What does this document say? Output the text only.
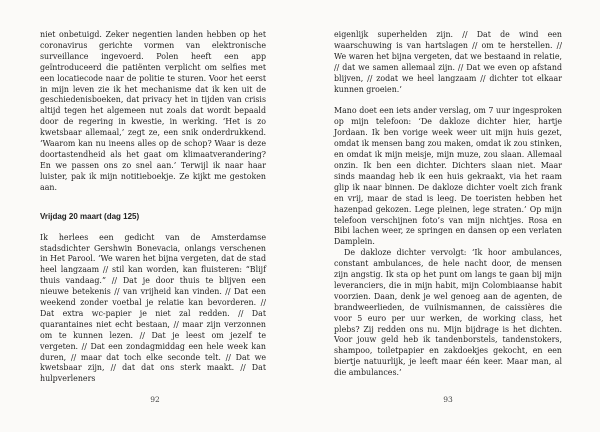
niet onbetuigd. Zeker negentien landen hebben op het coronavirus gerichte vormen van elektronische surveillance ingevoerd. Polen heeft een app geïntroduceerd die patiënten verplicht om selfies met een locatiecode naar de politie te sturen. Voor het eerst in mijn leven zie ik het mechanisme dat ik ken uit de geschiedenisboeken, dat privacy het in tijden van crisis altijd tegen het algemeen nut zoals dat wordt bepaald door de regering in kwestie, in werking. ‘Het is zo kwetsbaar allemaal,’ zegt ze, een snik onderdrukkend. ‘Waarom kan nu ineens alles op de schop? Waar is deze doortastendheid als het gaat om klimaatverandering? En we passen ons zo snel aan.’ Terwijl ik naar haar luister, pak ik mijn notitieboekje. Ze kijkt me gestoken aan.

Vrijdag 20 maart (dag 125)

Ik herlees een gedicht van de Amsterdamse stadsdichter Gershwin Bonevacia, onlangs verschenen in Het Parool. ‘We waren het bijna vergeten, dat de stad heel langzaam // stil kan worden, kan fluisteren: “Blijf thuis vandaag.” // Dat je door thuis te blijven een nieuwe betekenis // van vrijheid kan vinden. // Dat een weekend zonder voetbal je relatie kan bevorderen. // Dat extra wc-papier je niet zal redden. // Dat quarantaines niet echt bestaan, // maar zijn verzonnen om te kunnen lezen. // Dat je leest om jezelf te vergeten. // Dat een zondagmiddag een hele week kan duren, // maar dat toch elke seconde telt. // Dat we kwetsbaar zijn, // dat dat ons sterk maakt. // Dat hulpverleners

92

eigenlijk superhelden zijn. // Dat de wind een waarschuwing is van hartslagen // om te herstellen. // We waren het bijna vergeten, dat we bestaand in relatie, // dat we samen allemaal zijn. // Dat we even op afstand blijven, // zodat we heel langzaam // dichter tot elkaar kunnen groeien.’

Mano doet een iets ander verslag, om 7 uur ingesproken op mijn telefoon: ‘De dakloze dichter hier, hartje Jordaan. Ik ben vorige week weer uit mijn huis gezet, omdat ik mensen bang zou maken, omdat ik zou stinken, en omdat ik mijn meisje, mijn muze, zou slaan. Allemaal onzin. Ik ben een dichter. Dichters slaan niet. Maar sinds maandag heb ik een huis gekraakt, via het raam glip ik naar binnen. De dakloze dichter voelt zich frank en vrij, maar de stad is leeg. De toeristen hebben het hazenpad gekozen. Lege pleinen, lege straten.’ Op mijn telefoon verschijnen foto’s van mijn nichtjes. Rosa en Bibi lachen weer, ze springen en dansen op een verlaten Damplein.

De dakloze dichter vervolgt: ‘Ik hoor ambulances, constant ambulances, de hele nacht door, de mensen zijn angstig. Ik sta op het punt om langs te gaan bij mijn leveranciers, die in mijn habit, mijn Colombiaanse habit voorzien. Daan, denk je wel genoeg aan de agenten, de brandweerlieden, de vuilnismannen, de caissières die voor 5 euro per uur werken, de working class, het plebs? Zij redden ons nu. Mijn bijdrage is het dichten. Voor jouw geld heb ik tandenborstels, tandenstokers, shampoo, toiletpapier en zakdoekjes gekocht, en een biertje natuurlijk, je leeft maar één keer. Maar man, al die ambulances.’

93
